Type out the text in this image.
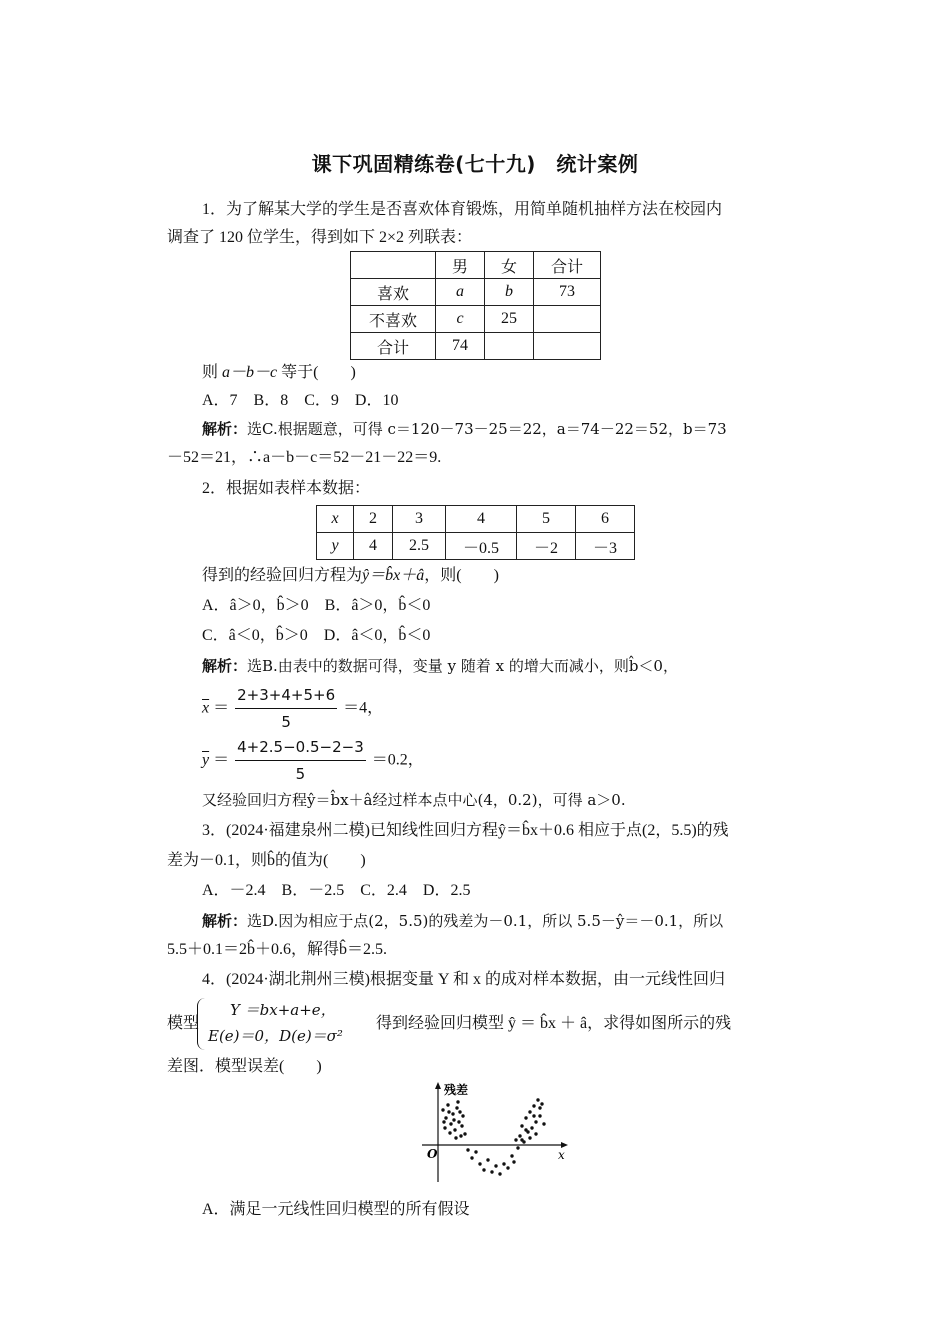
课下巩固精练卷(七十九)　统计案例
1．为了解某大学的学生是否喜欢体育锻炼，用简单随机抽样方法在校园内
调查了 120 位学生，得到如下 2×2 列联表：
	男	女	合计
喜欢	a	b	73
不喜欢	c	25	
合计	74		
则 a－b－c 等于(　　)
A．7　B．8　C．9　D．10
解析：选C.根据题意，可得 c＝120－73－25＝22，a＝74－22＝52，b＝73
－52＝21，∴a－b－c＝52－21－22＝9.
2．根据如表样本数据：
x	2	3	4	5	6
y	4	2.5	－0.5	－2	－3
得到的经验回归方程为ŷ＝b̂x＋â，则(　　)
A．â＞0，b̂＞0　B．â＞0，b̂＜0
C．â＜0，b̂＞0　D．â＜0，b̂＜0
解析：选B.由表中的数据可得，变量 y 随着 x 的增大而减小，则b̂＜0，
$\overline{x} = \frac{2+3+4+5+6}{5} =4$，
$\overline{y} = \frac{4+2.5-0.5-2-3}{5} =0.2$，
又经验回归方程ŷ＝b̂x＋â经过样本点中心(4，0.2)，可得 a＞0.
3．(2024·福建泉州二模)已知线性回归方程ŷ＝b̂x＋0.6 相应于点(2，5.5)的残
差为－0.1，则b̂的值为(　　)
A．－2.4　B．－2.5　C．2.4　D．2.5
解析：选D.因为相应于点(2，5.5)的残差为－0.1，所以 5.5－ŷ＝－0.1，所以
5.5＋0.1＝2b̂＋0.6，解得b̂＝2.5.
4．(2024·湖北荆州三模)根据变量 Y 和 x 的成对样本数据，由一元线性回归
模型
Y ＝bx+a+e，
E(e)＝0，D(e)＝σ²
得到经验回归模型 ŷ ＝ b̂x ＋ â，求得如图所示的残
差图．模型误差(　　)
残差
x
O
A．满足一元线性回归模型的所有假设
